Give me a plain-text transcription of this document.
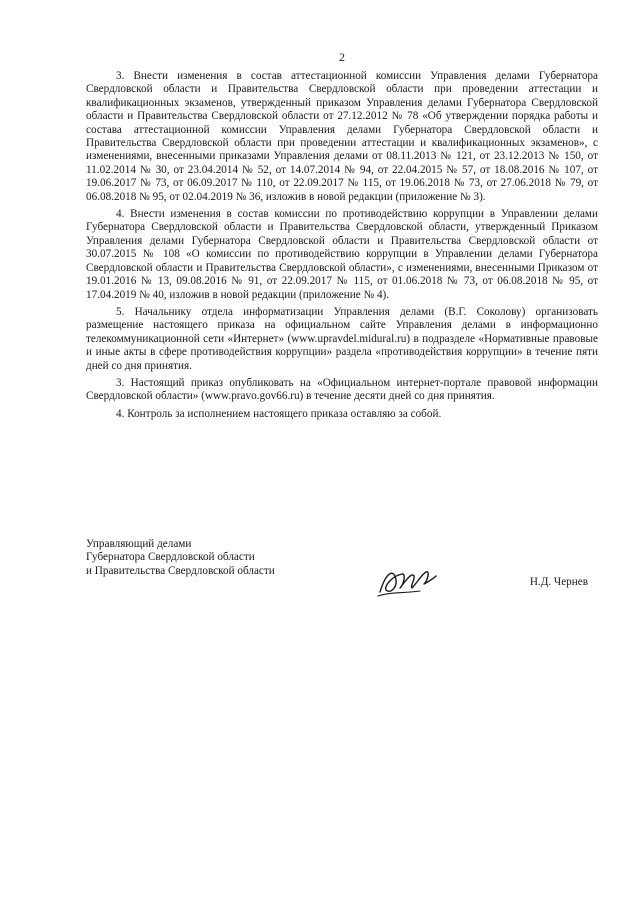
2

3. Внести изменения в состав аттестационной комиссии Управления делами Губернатора Свердловской области и Правительства Свердловской области при проведении аттестации и квалификационных экзаменов, утвержденный приказом Управления делами Губернатора Свердловской области и Правительства Свердловской области от 27.12.2012 № 78 «Об утверждении порядка работы и состава аттестационной комиссии Управления делами Губернатора Свердловской области и Правительства Свердловской области при проведении аттестации и квалификационных экзаменов», с изменениями, внесенными приказами Управления делами от 08.11.2013 № 121, от 23.12.2013 № 150, от 11.02.2014 № 30, от 23.04.2014 № 52, от 14.07.2014 № 94, от 22.04.2015 № 57, от 18.08.2016 № 107, от 19.06.2017 № 73, от 06.09.2017 № 110, от 22.09.2017 № 115, от 19.06.2018 № 73, от 27.06.2018 № 79, от 06.08.2018 № 95, от 02.04.2019 № 36, изложив в новой редакции (приложение № 3).

4. Внести изменения в состав комиссии по противодействию коррупции в Управлении делами Губернатора Свердловской области и Правительства Свердловской области, утвержденный Приказом Управления делами Губернатора Свердловской области и Правительства Свердловской области от 30.07.2015 № 108 «О комиссии по противодействию коррупции в Управлении делами Губернатора Свердловской области и Правительства Свердловской области», с изменениями, внесенными Приказом от 19.01.2016 № 13, 09.08.2016 № 91, от 22.09.2017 № 115, от 01.06.2018 № 73, от 06.08.2018 № 95, от 17.04.2019 № 40, изложив в новой редакции (приложение № 4).

5. Начальнику отдела информатизации Управления делами (В.Г. Соколову) организовать размещение настоящего приказа на официальном сайте Управления делами в информационно телекоммуникационной сети «Интернет» (www.upravdel.midural.ru) в подразделе «Нормативные правовые и иные акты в сфере противодействия коррупции» раздела «противодействия коррупции» в течение пяти дней со дня принятия.

3. Настоящий приказ опубликовать на «Официальном интернет-портале правовой информации Свердловской области» (www.pravo.gov66.ru) в течение десяти дней со дня принятия.

4. Контроль за исполнением настоящего приказа оставляю за собой.

Управляющий делами
Губернатора Свердловской области
и Правительства Свердловской области
Н.Д. Чернев
